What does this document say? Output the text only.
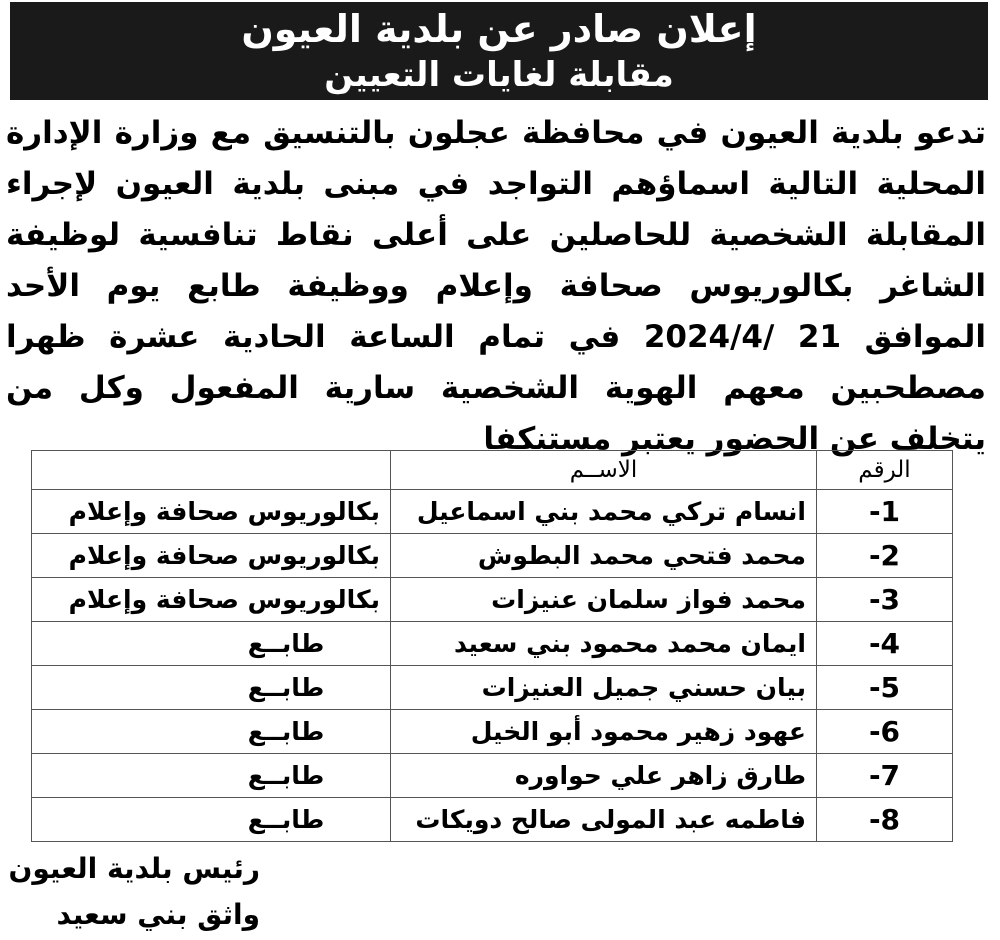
إعلان صادر عن بلدية العيون
مقابلة لغايات التعيين
تدعو بلدية العيون في محافظة عجلون بالتنسيق مع وزارة الإدارة المحلية التالية اسماؤهم التواجد في مبنى بلدية العيون لإجراء المقابلة الشخصية للحاصلين على أعلى نقاط تنافسية لوظيفة الشاغر بكالوريوس صحافة وإعلام ووظيفة طابع يوم الأحد الموافق 21 /2024/4 في تمام الساعة الحادية عشرة ظهرا مصطحبين معهم الهوية الشخصية سارية المفعول وكل من يتخلف عن الحضور يعتبر مستنكفا
الرقم	الاســم	
-1	انسام تركي محمد بني اسماعيل	بكالوريوس صحافة وإعلام
-2	محمد فتحي محمد البطوش	بكالوريوس صحافة وإعلام
-3	محمد فواز سلمان عنيزات	بكالوريوس صحافة وإعلام
-4	ايمان محمد محمود بني سعيد	طابــع
-5	بيان حسني جميل العنيزات	طابــع
-6	عهود زهير محمود أبو الخيل	طابــع
-7	طارق زاهر علي حواوره	طابــع
-8	فاطمه عبد المولى صالح دويكات	طابــع
رئيس بلدية العيون
واثق بني سعيد
